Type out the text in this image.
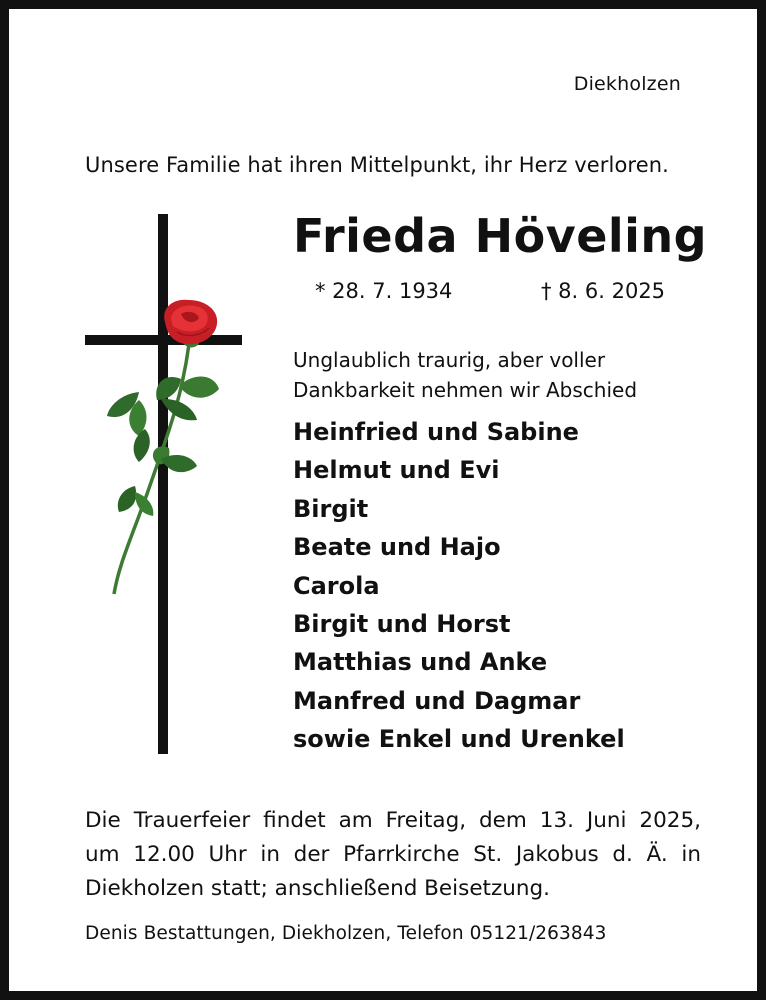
Diekholzen
Unsere Familie hat ihren Mittelpunkt, ihr Herz verloren.
Frieda Höveling
* 28. 7. 1934	† 8. 6. 2025
Unglaublich traurig, aber voller
Dankbarkeit nehmen wir Abschied
Heinfried und Sabine
Helmut und Evi
Birgit
Beate und Hajo
Carola
Birgit und Horst
Matthias und Anke
Manfred und Dagmar
sowie Enkel und Urenkel
Die Trauerfeier findet am Freitag, dem 13. Juni 2025,
um 12.00 Uhr in der Pfarrkirche St. Jakobus d. Ä. in
Diekholzen statt; anschließend Beisetzung.
Denis Bestattungen, Diekholzen, Telefon 05121/263843
